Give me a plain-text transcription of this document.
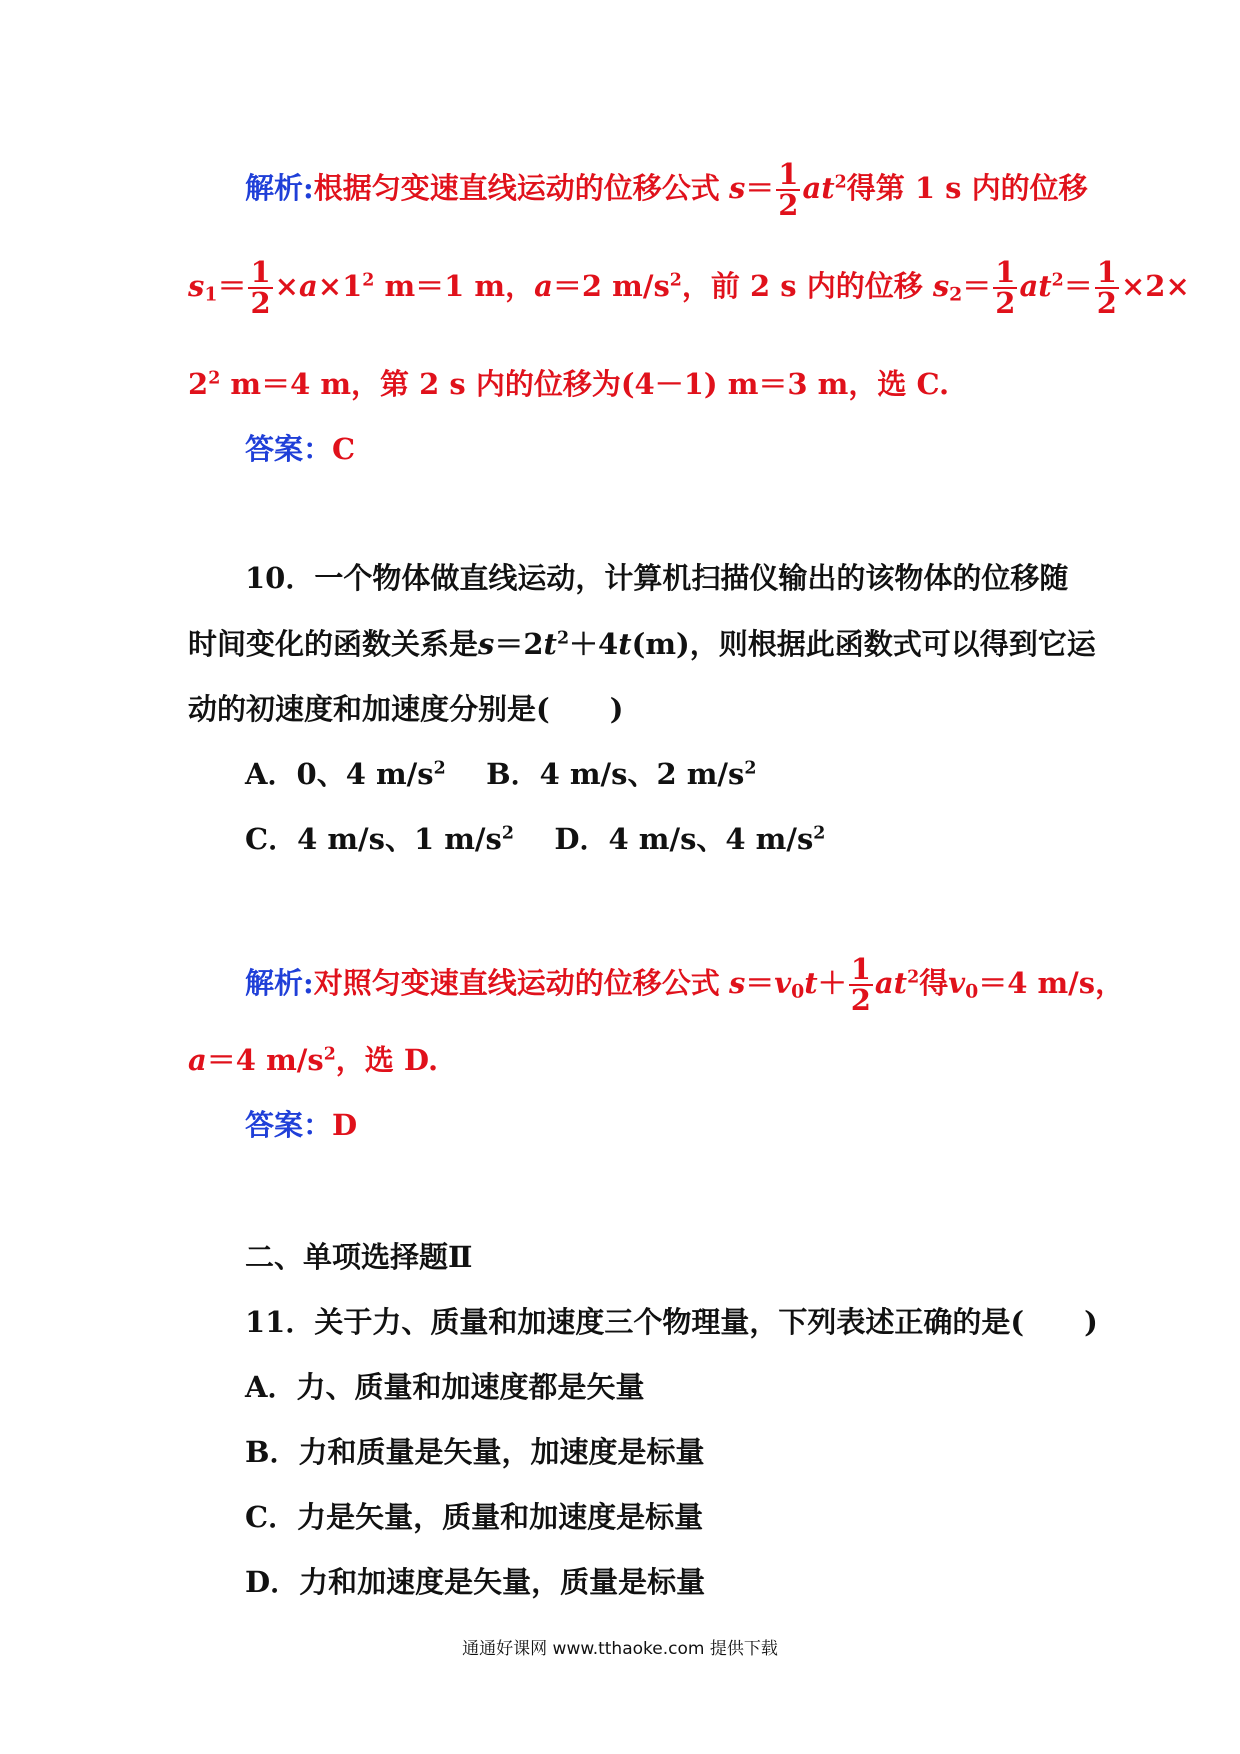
解析:根据匀变速直线运动的位移公式 $s= \frac{1}{2} at^2$得第 1 s 内的位移
$s_1= \frac{1}{2} \times a\times 1^2$ m＝1 m，a＝2 $m/s^2$，前 2 s 内的位移 $s_2= \frac{1}{2} at^2= \frac{1}{2} \times 2\times$
$2^2$ m＝4 m，第 2 s 内的位移为(4－1) m＝3 m，选 C.
答案：C
10．一个物体做直线运动，计算机扫描仪输出的该物体的位移随
时间变化的函数关系是$s=2t^2+4t(m)$，则根据此函数式可以得到它运
动的初速度和加速度分别是( )
A．0、4 $m/s^2$ B．4 m/s、2 $m/s^2$
C．4 m/s、1 $m/s^2$ D．4 m/s、4 $m/s^2$
解析:对照匀变速直线运动的位移公式 $s=v_0t+ \frac{1}{2} at^2$得$v_0=4$ m/s，
a＝4 $m/s^2$，选 D.
答案：D
二、单项选择题Ⅱ
11．关于力、质量和加速度三个物理量，下列表述正确的是( )
A．力、质量和加速度都是矢量
B．力和质量是矢量，加速度是标量
C．力是矢量，质量和加速度是标量
D．力和加速度是矢量，质量是标量
通通好课网 www.tthaoke.com 提供下载
